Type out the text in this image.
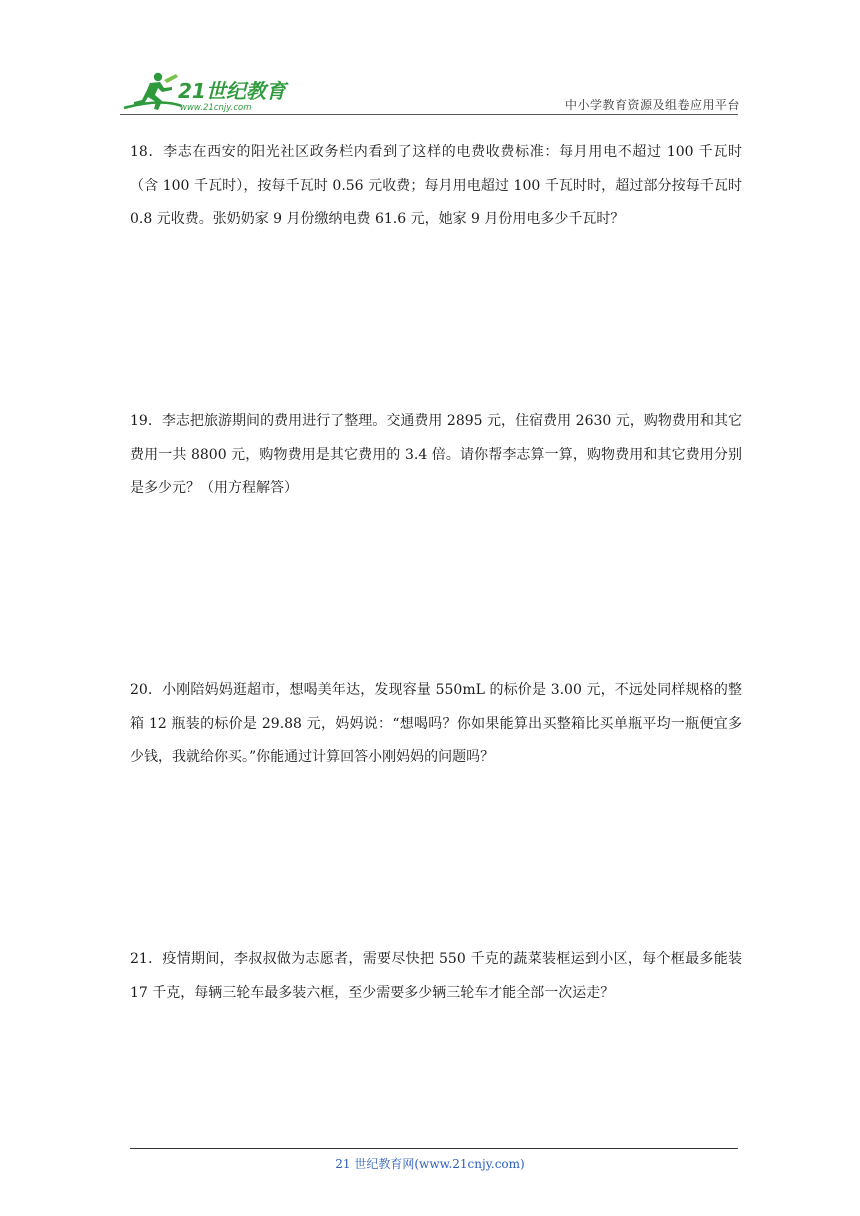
21世纪教育
www.21cnjy.com	中小学教育资源及组卷应用平台
18．李志在西安的阳光社区政务栏内看到了这样的电费收费标准：每月用电不超过 100 千瓦时（含 100 千瓦时），按每千瓦时 0.56 元收费；每月用电超过 100 千瓦时时，超过部分按每千瓦时 0.8 元收费。张奶奶家 9 月份缴纳电费 61.6 元，她家 9 月份用电多少千瓦时？
19．李志把旅游期间的费用进行了整理。交通费用 2895 元，住宿费用 2630 元，购物费用和其它费用一共 8800 元，购物费用是其它费用的 3.4 倍。请你帮李志算一算，购物费用和其它费用分别是多少元？（用方程解答）
20．小刚陪妈妈逛超市，想喝美年达，发现容量 550mL 的标价是 3.00 元，不远处同样规格的整箱 12 瓶装的标价是 29.88 元，妈妈说：“想喝吗？你如果能算出买整箱比买单瓶平均一瓶便宜多少钱，我就给你买。”你能通过计算回答小刚妈妈的问题吗？
21．疫情期间，李叔叔做为志愿者，需要尽快把 550 千克的蔬菜装框运到小区，每个框最多能装 17 千克，每辆三轮车最多装六框，至少需要多少辆三轮车才能全部一次运走？
21 世纪教育网(www.21cnjy.com)
